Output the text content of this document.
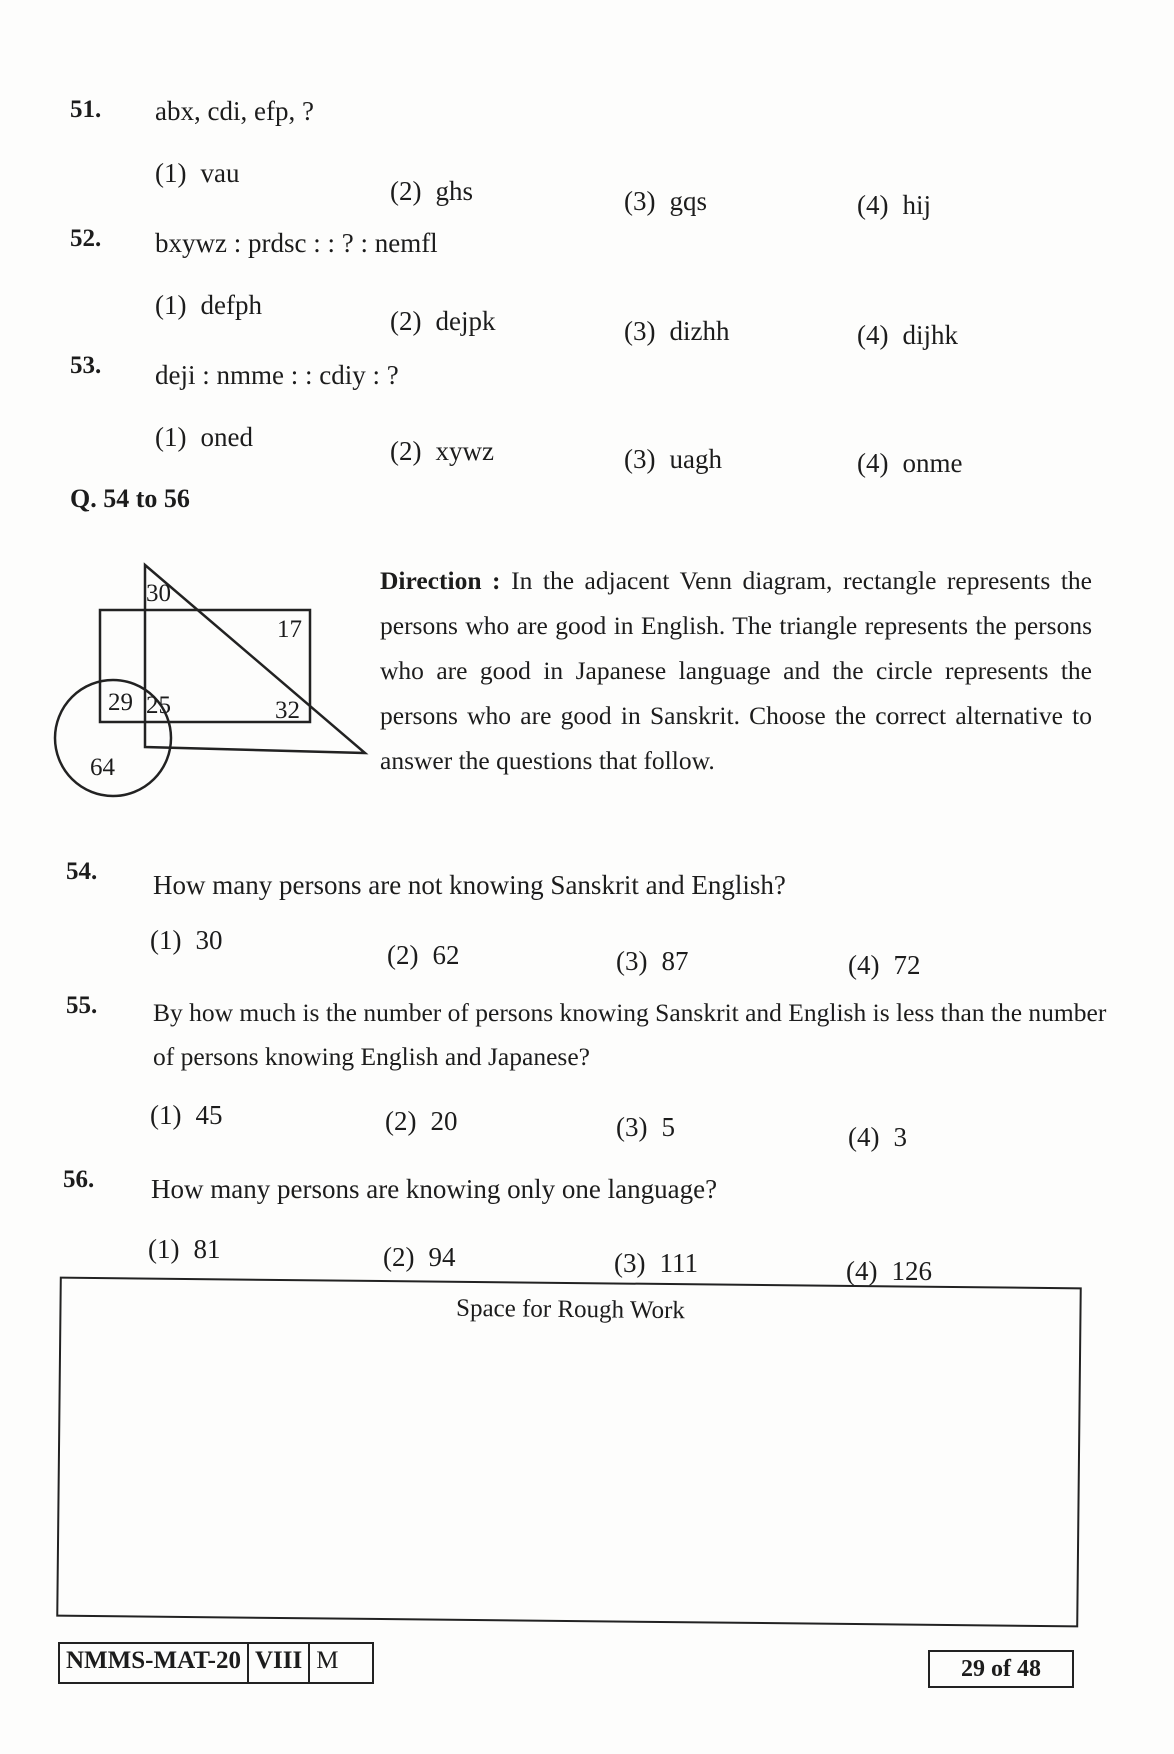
51. abx, cdi, efp, ?
(1) vau
(2) ghs	(3) gqs	(4) hij
52. bxywz : prdsc : : ? : nemfl
(1) defph
(2) dejpk	(3) dizhh	(4) dijhk
53. deji : nmme : : cdiy : ?
(1) oned	(2) xywz	(3) uagh	(4) onme
Q. 54 to 56
30
17
29 25	32
64
Direction : In the adjacent Venn diagram, rectangle represents the persons who are good in English. The triangle represents the persons who are good in Japanese language and the circle represents the persons who are good in Sanskrit. Choose the correct alternative to answer the questions that follow.
54. How many persons are not knowing Sanskrit and English?
(1) 30	(2) 62	(3) 87	(4) 72
55. By how much is the number of persons knowing Sanskrit and English is less than the number
of persons knowing English and Japanese?
(1) 45	(2) 20	(3) 5	(4) 3
56. How many persons are knowing only one language?
(1) 81	(2) 94	(3) 111	(4) 126
Space for Rough Work
NMMS-MAT-20 VIII M	29 of 48
